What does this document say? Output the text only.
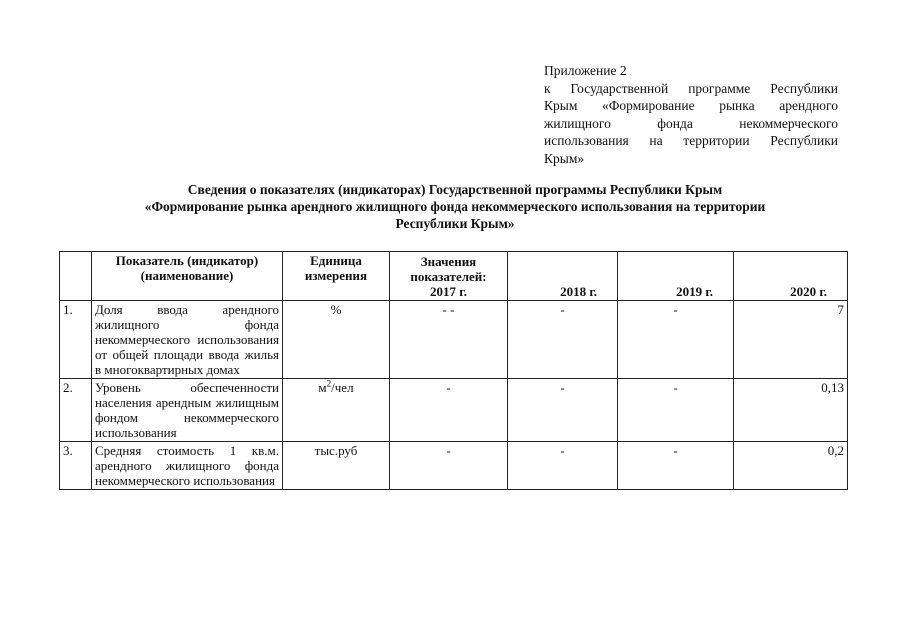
Приложение 2
к Государственной программе Республики
Крым «Формирование рынка арендного
жилищного фонда некоммерческого
использования на территории Республики
Крым»
Сведения о показателях (индикаторах) Государственной программы Республики Крым
«Формирование рынка арендного жилищного фонда некоммерческого использования на территории
Республики Крым»
	Показатель (индикатор) (наименование)	Единица измерения	Значения
показателей:
2017 г.	2018 г.	2019 г.	2020 г.
1.	Доля ввода арендного жилищного фонда некоммерческого использования от общей площади ввода жилья в многоквартирных домах	%	- -	-	-	7
2.	Уровень обеспеченности населения арендным жилищным фондом некоммерческого использования	$м^2$/чел	-	-	-	0,13
3.	Средняя стоимость 1 кв.м. арендного жилищного фонда некоммерческого использования	тыс.руб	-	-	-	0,2
